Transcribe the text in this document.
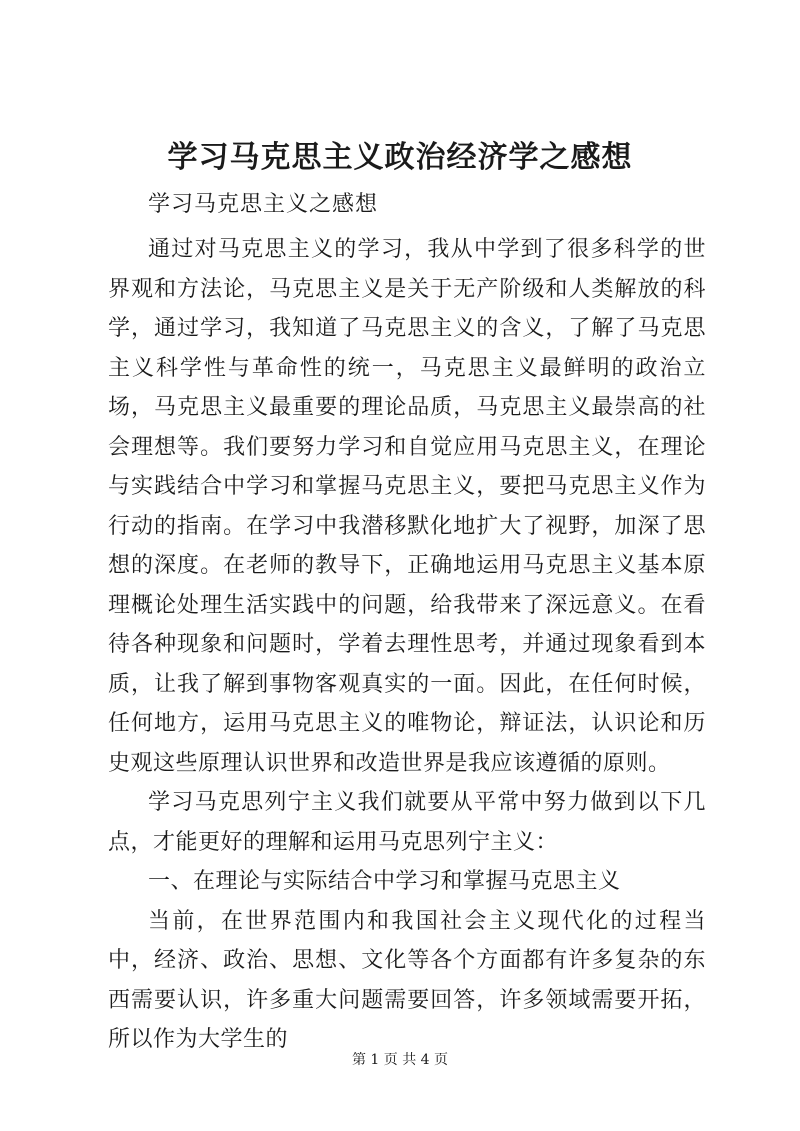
学习马克思主义政治经济学之感想
学习马克思主义之感想

通过对马克思主义的学习，我从中学到了很多科学的世界观和方法论，马克思主义是关于无产阶级和人类解放的科学，通过学习，我知道了马克思主义的含义，了解了马克思主义科学性与革命性的统一，马克思主义最鲜明的政治立场，马克思主义最重要的理论品质，马克思主义最崇高的社会理想等。我们要努力学习和自觉应用马克思主义，在理论与实践结合中学习和掌握马克思主义，要把马克思主义作为行动的指南。在学习中我潜移默化地扩大了视野，加深了思想的深度。在老师的教导下，正确地运用马克思主义基本原理概论处理生活实践中的问题，给我带来了深远意义。在看待各种现象和问题时，学着去理性思考，并通过现象看到本质，让我了解到事物客观真实的一面。因此，在任何时候，任何地方，运用马克思主义的唯物论，辩证法，认识论和历史观这些原理认识世界和改造世界是我应该遵循的原则。

学习马克思列宁主义我们就要从平常中努力做到以下几点，才能更好的理解和运用马克思列宁主义：

一、在理论与实际结合中学习和掌握马克思主义

当前，在世界范围内和我国社会主义现代化的过程当中，经济、政治、思想、文化等各个方面都有许多复杂的东西需要认识，许多重大问题需要回答，许多领域需要开拓，所以作为大学生的

第 1 页 共 4 页
